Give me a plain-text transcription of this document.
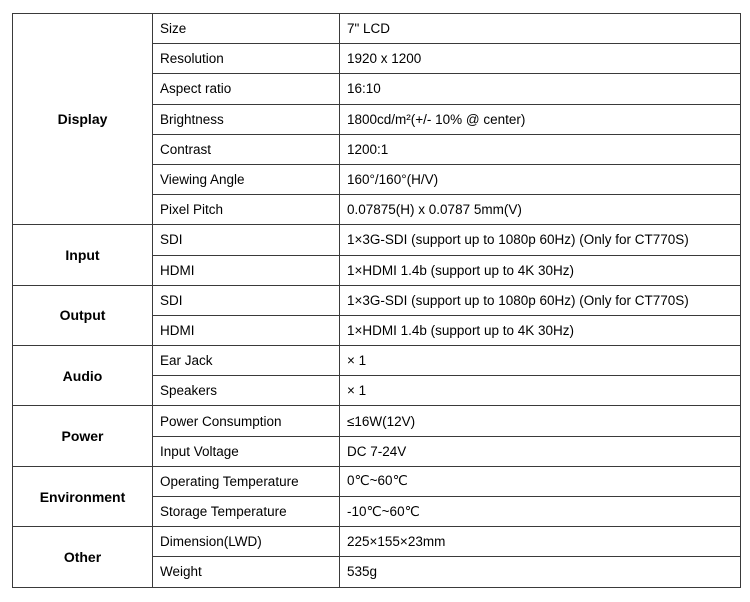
Display	Size	7" LCD
	Resolution	1920 x 1200
	Aspect ratio	16:10
	Brightness	1800cd/m²(+/- 10% @ center)
	Contrast	1200:1
	Viewing Angle	160°/160°(H/V)
	Pixel Pitch	0.07875(H) x 0.0787 5mm(V)
Input	SDI	1×3G-SDI (support up to 1080p 60Hz) (Only for CT770S)
	HDMI	1×HDMI 1.4b (support up to 4K 30Hz)
Output	SDI	1×3G-SDI (support up to 1080p 60Hz) (Only for CT770S)
	HDMI	1×HDMI 1.4b (support up to 4K 30Hz)
Audio	Ear Jack	× 1
	Speakers	× 1
Power	Power Consumption	≤16W(12V)
	Input Voltage	DC 7-24V
Environment	Operating Temperature	0℃~60℃
	Storage Temperature	-10℃~60℃
Other	Dimension(LWD)	225×155×23mm
	Weight	535g
